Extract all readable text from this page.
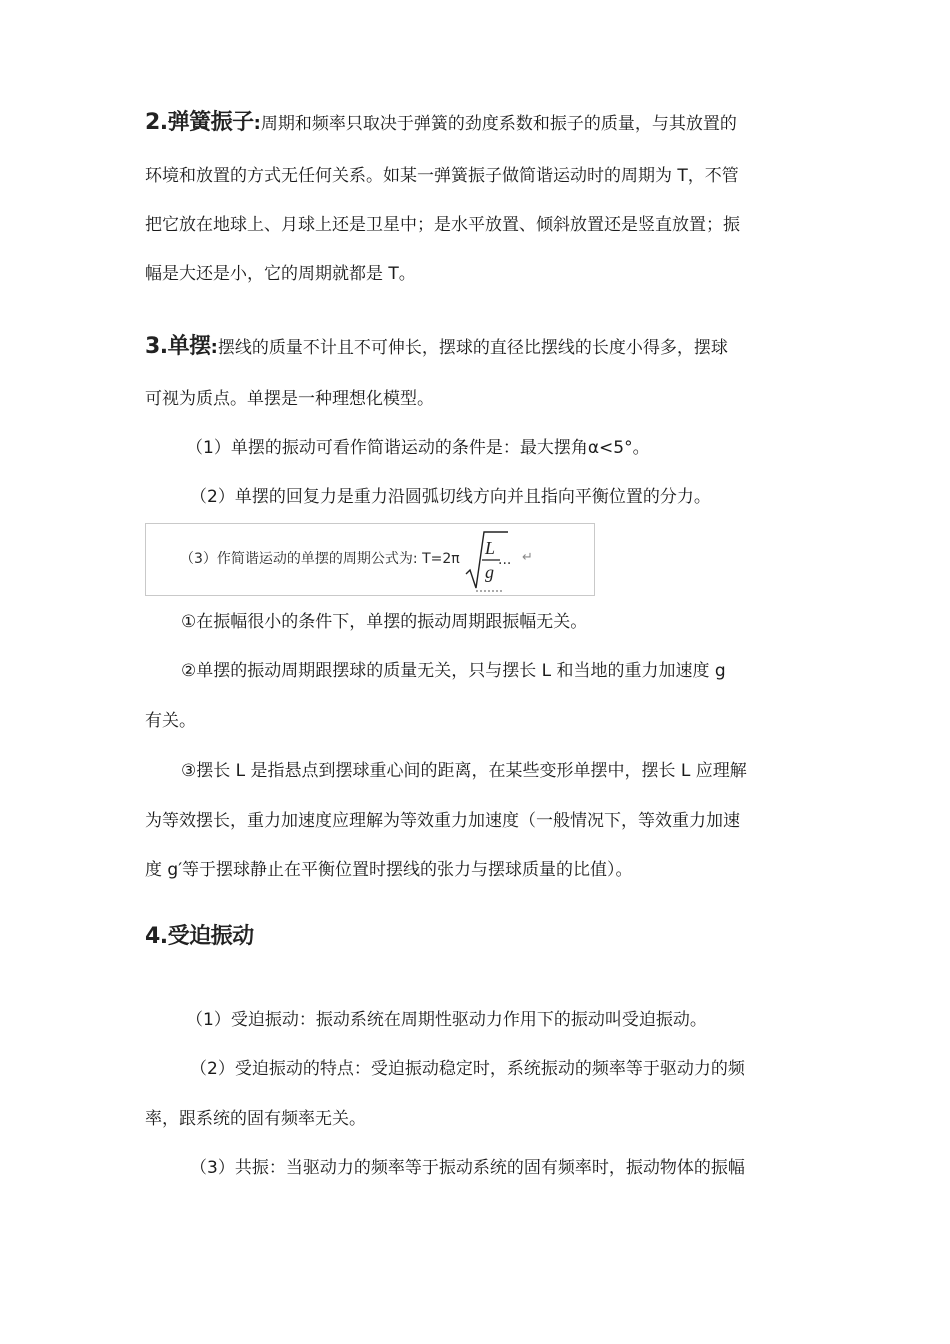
2.弹簧振子:周期和频率只取决于弹簧的劲度系数和振子的质量，与其放置的
环境和放置的方式无任何关系。如某一弹簧振子做简谐运动时的周期为 T，不管
把它放在地球上、月球上还是卫星中；是水平放置、倾斜放置还是竖直放置；振
幅是大还是小，它的周期就都是 T。
3.单摆:摆线的质量不计且不可伸长，摆球的直径比摆线的长度小得多，摆球
可视为质点。单摆是一种理想化模型。
（1）单摆的振动可看作简谐运动的条件是：最大摆角α<5°。
（2）单摆的回复力是重力沿圆弧切线方向并且指向平衡位置的分力。
（3）作简谐运动的单摆的周期公式为: T=2π
L
g
... ↵
①在振幅很小的条件下，单摆的振动周期跟振幅无关。
②单摆的振动周期跟摆球的质量无关，只与摆长 L 和当地的重力加速度 g
有关。
③摆长 L 是指悬点到摆球重心间的距离，在某些变形单摆中，摆长 L 应理解
为等效摆长，重力加速度应理解为等效重力加速度（一般情况下，等效重力加速
度 g′等于摆球静止在平衡位置时摆线的张力与摆球质量的比值）。
4.受迫振动
（1）受迫振动：振动系统在周期性驱动力作用下的振动叫受迫振动。
（2）受迫振动的特点：受迫振动稳定时，系统振动的频率等于驱动力的频
率，跟系统的固有频率无关。
（3）共振：当驱动力的频率等于振动系统的固有频率时，振动物体的振幅
